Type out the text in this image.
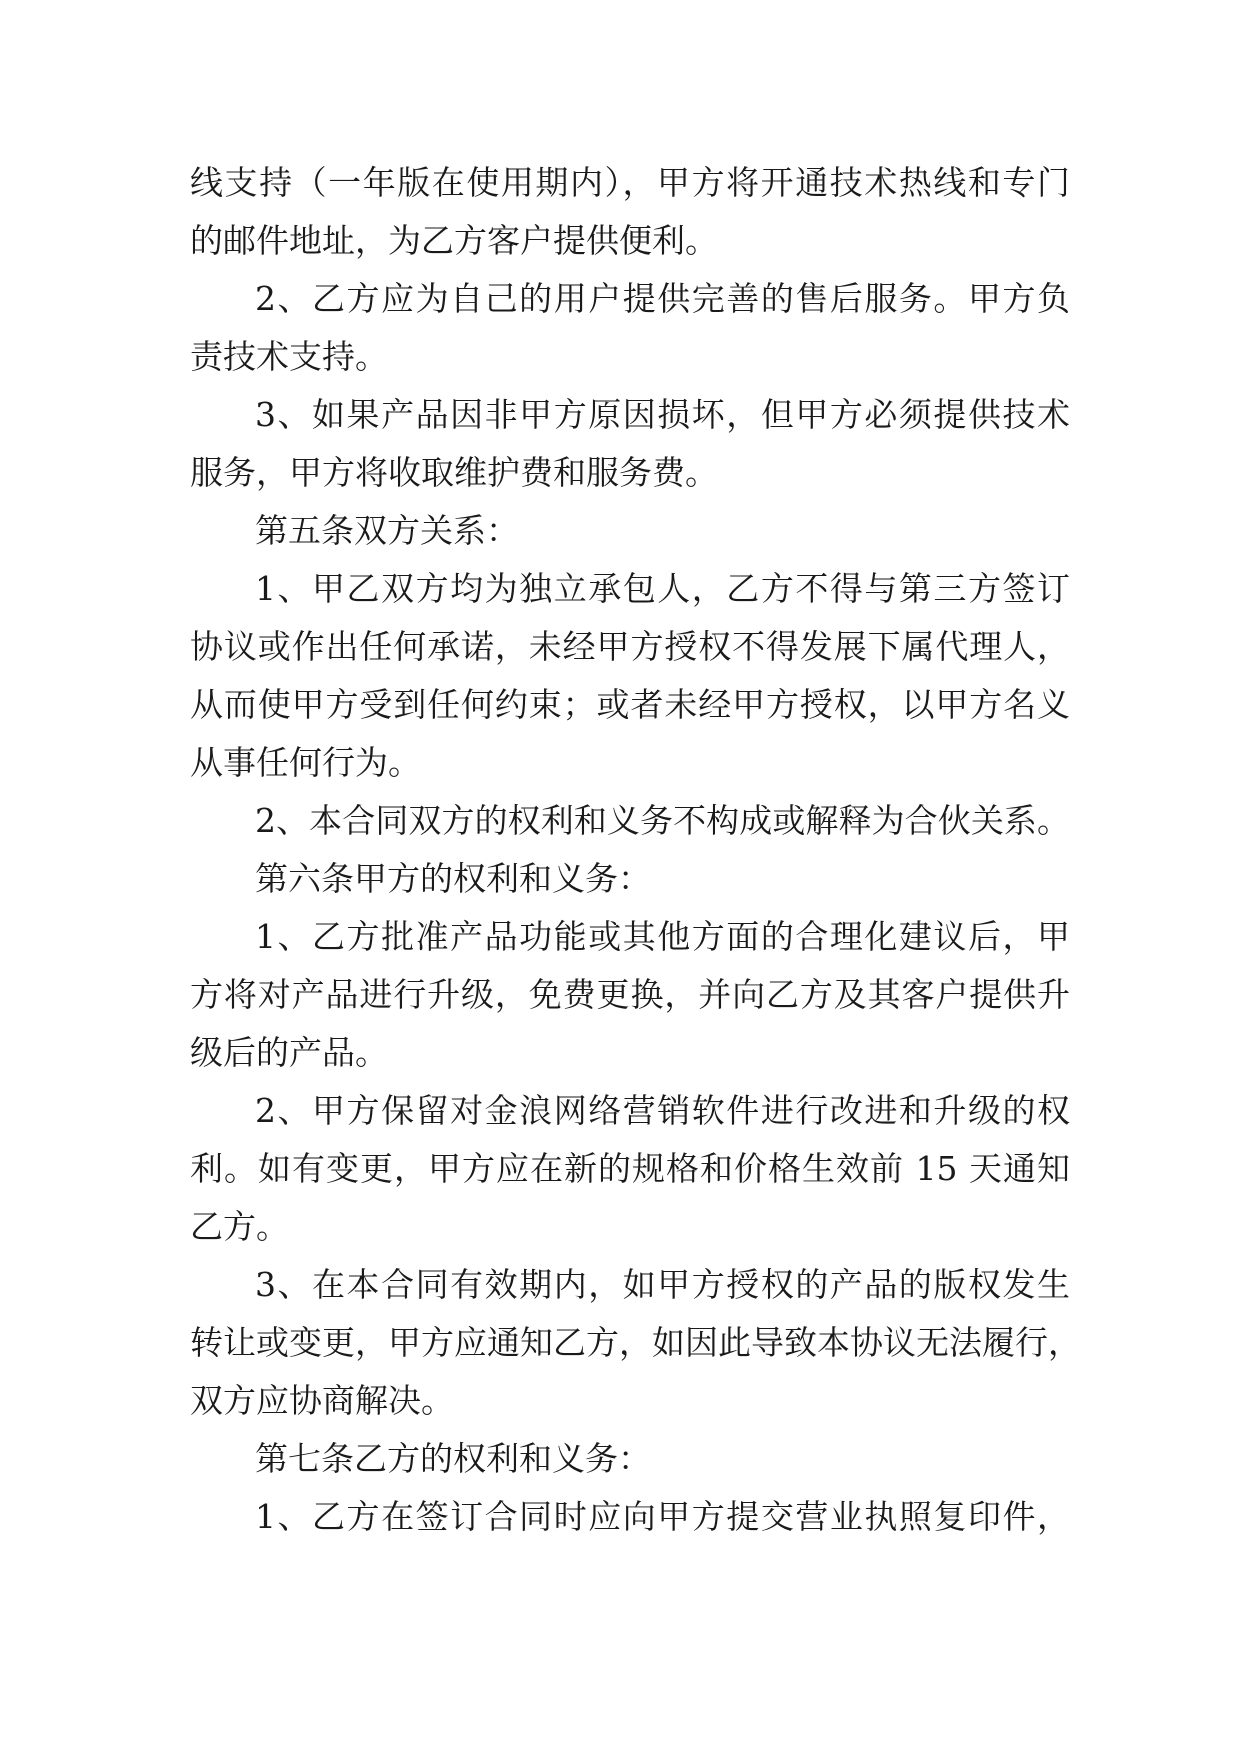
线支持（一年版在使用期内），甲方将开通技术热线和专门
的邮件地址，为乙方客户提供便利。
2、乙方应为自己的用户提供完善的售后服务。甲方负
责技术支持。
3、如果产品因非甲方原因损坏，但甲方必须提供技术
服务，甲方将收取维护费和服务费。
第五条双方关系：
1、甲乙双方均为独立承包人，乙方不得与第三方签订
协议或作出任何承诺，未经甲方授权不得发展下属代理人，
从而使甲方受到任何约束；或者未经甲方授权，以甲方名义
从事任何行为。
2、本合同双方的权利和义务不构成或解释为合伙关系。
第六条甲方的权利和义务：
1、乙方批准产品功能或其他方面的合理化建议后，甲
方将对产品进行升级，免费更换，并向乙方及其客户提供升
级后的产品。
2、甲方保留对金浪网络营销软件进行改进和升级的权
利。如有变更，甲方应在新的规格和价格生效前 15 天通知
乙方。
3、在本合同有效期内，如甲方授权的产品的版权发生
转让或变更，甲方应通知乙方，如因此导致本协议无法履行，
双方应协商解决。
第七条乙方的权利和义务：
1、乙方在签订合同时应向甲方提交营业执照复印件，
